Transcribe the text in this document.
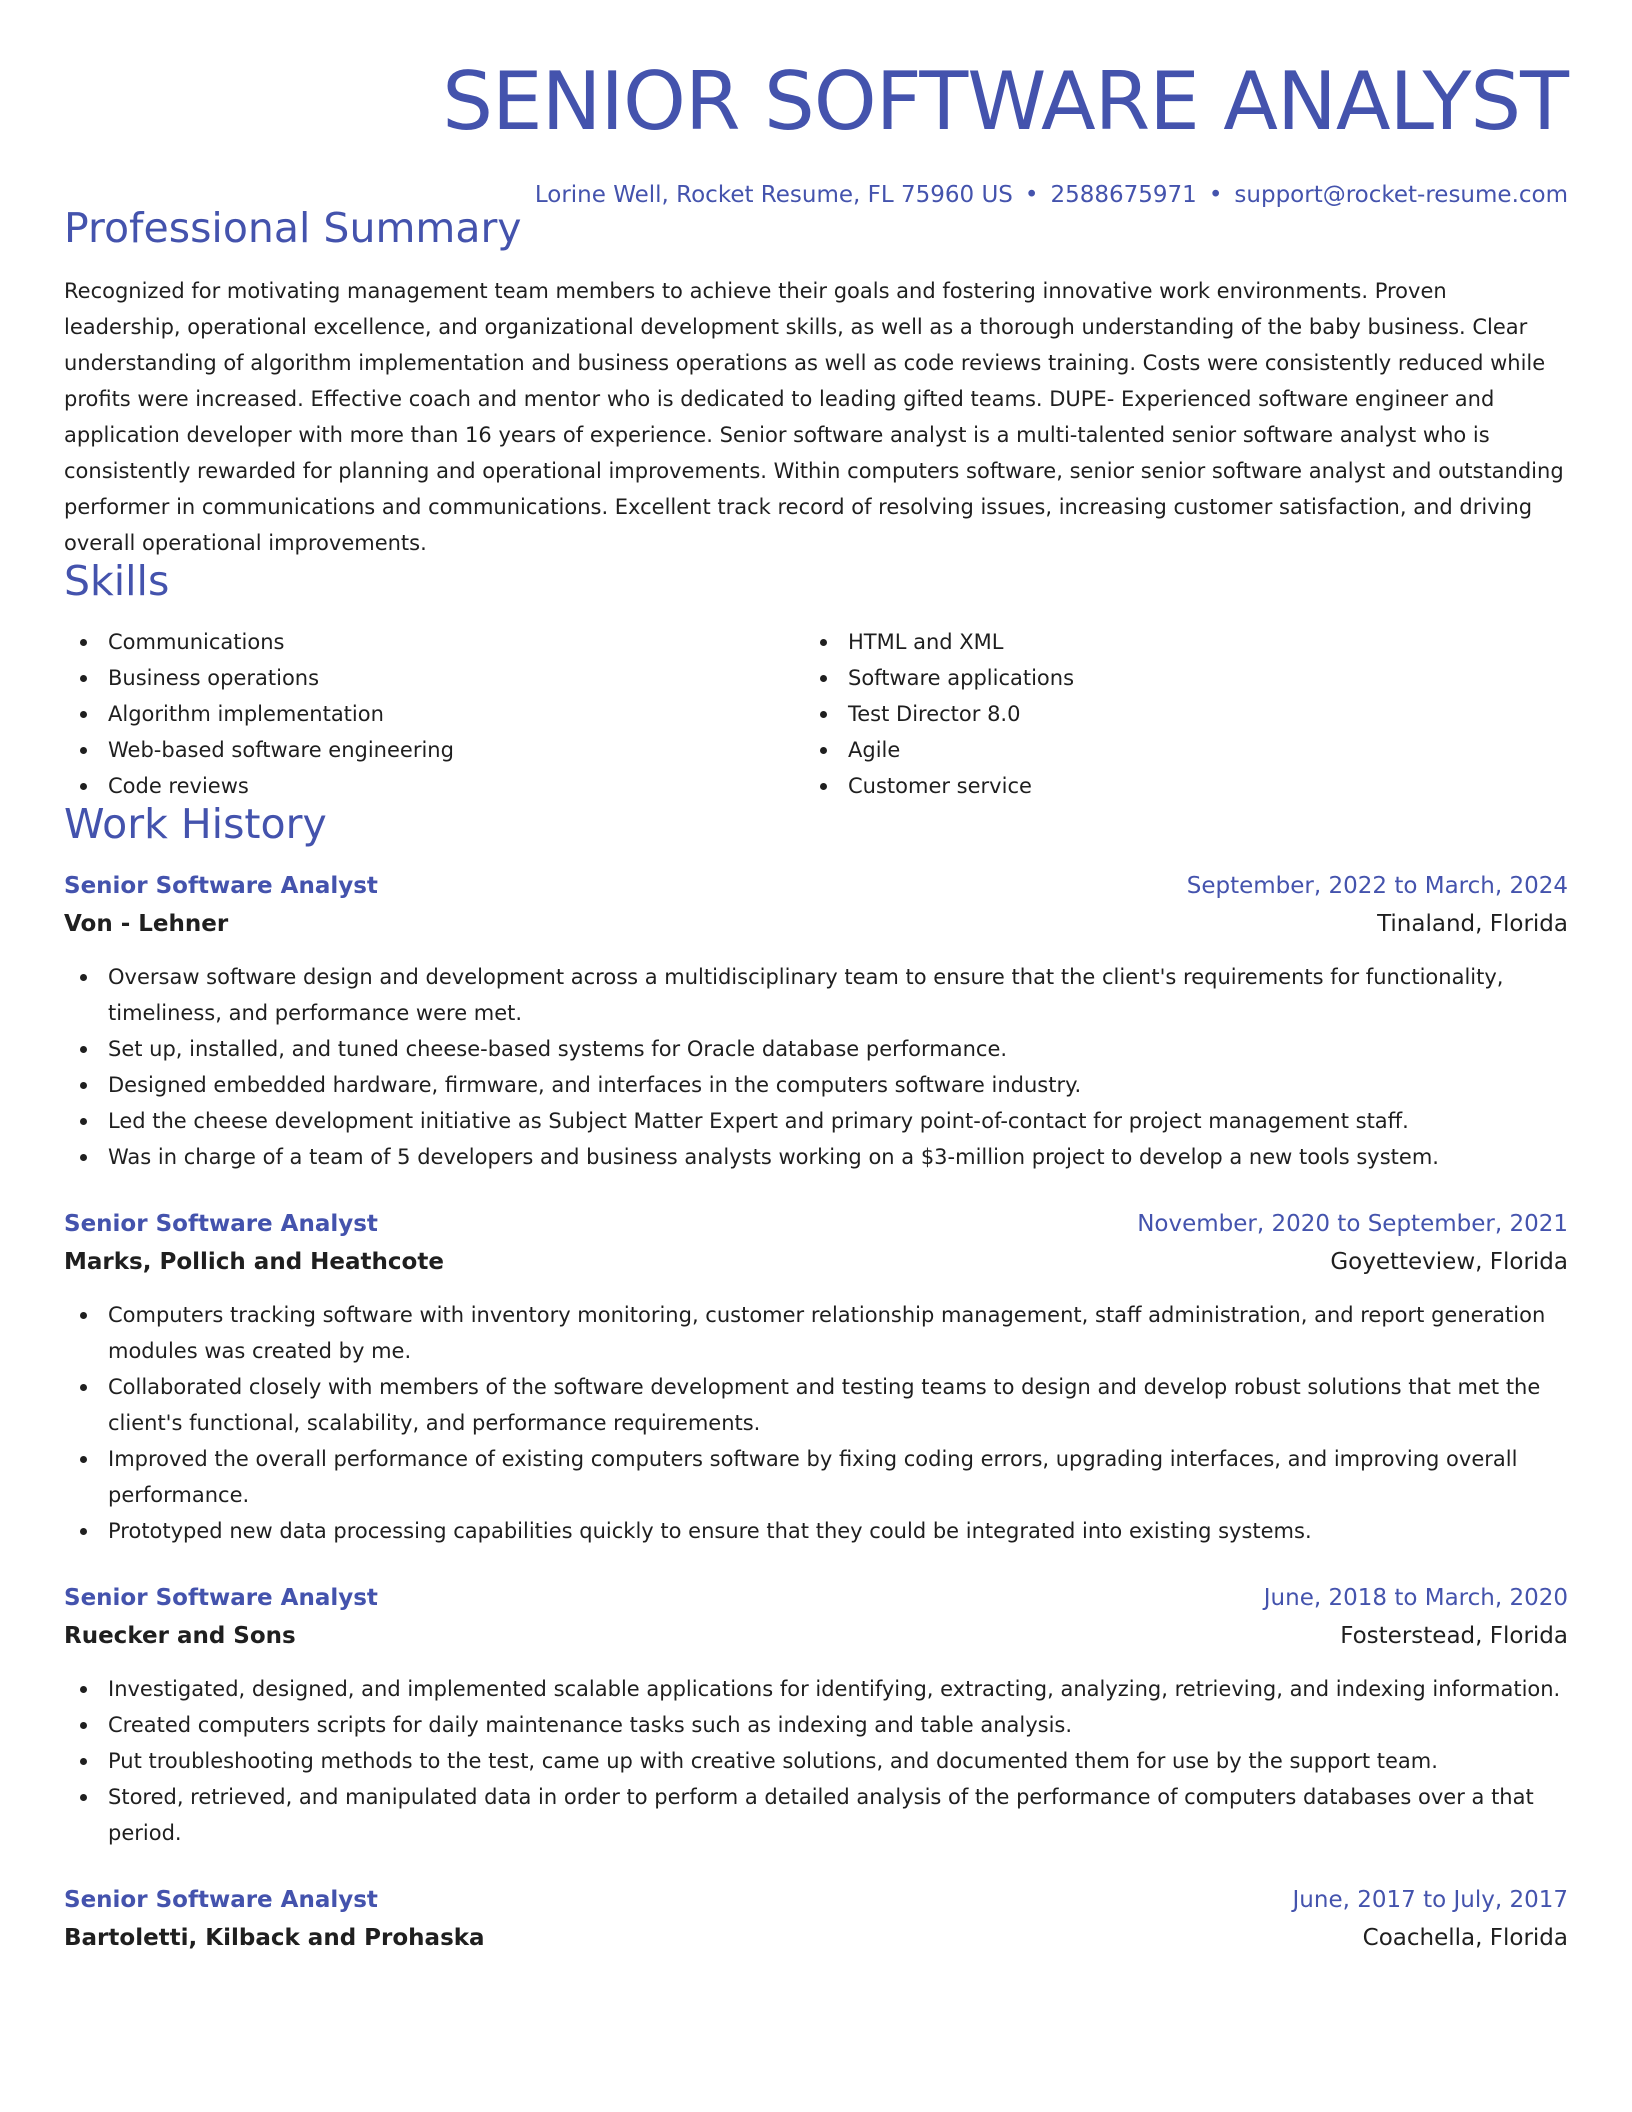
SENIOR SOFTWARE ANALYST
Lorine Well, Rocket Resume, FL 75960 US • 2588675971 • support@rocket-resume.com
Professional Summary

Recognized for motivating management team members to achieve their goals and fostering innovative work environments. Proven leadership, operational excellence, and organizational development skills, as well as a thorough understanding of the baby business. Clear understanding of algorithm implementation and business operations as well as code reviews training. Costs were consistently reduced while profits were increased. Effective coach and mentor who is dedicated to leading gifted teams. DUPE- Experienced software engineer and application developer with more than 16 years of experience. Senior software analyst is a multi-talented senior software analyst who is consistently rewarded for planning and operational improvements. Within computers software, senior senior software analyst and outstanding performer in communications and communications. Excellent track record of resolving issues, increasing customer satisfaction, and driving overall operational improvements.

Skills
Communications
Business operations
Algorithm implementation
Web-based software engineering
Code reviews
HTML and XML
Software applications
Test Director 8.0
Agile
Customer service
Work History
Senior Software Analyst	September, 2022 to March, 2024
Von - Lehner	Tinaland, Florida
Oversaw software design and development across a multidisciplinary team to ensure that the client's requirements for functionality, timeliness, and performance were met.
Set up, installed, and tuned cheese-based systems for Oracle database performance.
Designed embedded hardware, firmware, and interfaces in the computers software industry.
Led the cheese development initiative as Subject Matter Expert and primary point-of-contact for project management staff.
Was in charge of a team of 5 developers and business analysts working on a $3-million project to develop a new tools system.
Senior Software Analyst	November, 2020 to September, 2021
Marks, Pollich and Heathcote	Goyetteview, Florida
Computers tracking software with inventory monitoring, customer relationship management, staff administration, and report generation modules was created by me.
Collaborated closely with members of the software development and testing teams to design and develop robust solutions that met the client's functional, scalability, and performance requirements.
Improved the overall performance of existing computers software by fixing coding errors, upgrading interfaces, and improving overall performance.
Prototyped new data processing capabilities quickly to ensure that they could be integrated into existing systems.
Senior Software Analyst	June, 2018 to March, 2020
Ruecker and Sons	Fosterstead, Florida
Investigated, designed, and implemented scalable applications for identifying, extracting, analyzing, retrieving, and indexing information.
Created computers scripts for daily maintenance tasks such as indexing and table analysis.
Put troubleshooting methods to the test, came up with creative solutions, and documented them for use by the support team.
Stored, retrieved, and manipulated data in order to perform a detailed analysis of the performance of computers databases over a that period.
Senior Software Analyst	June, 2017 to July, 2017
Bartoletti, Kilback and Prohaska	Coachella, Florida
